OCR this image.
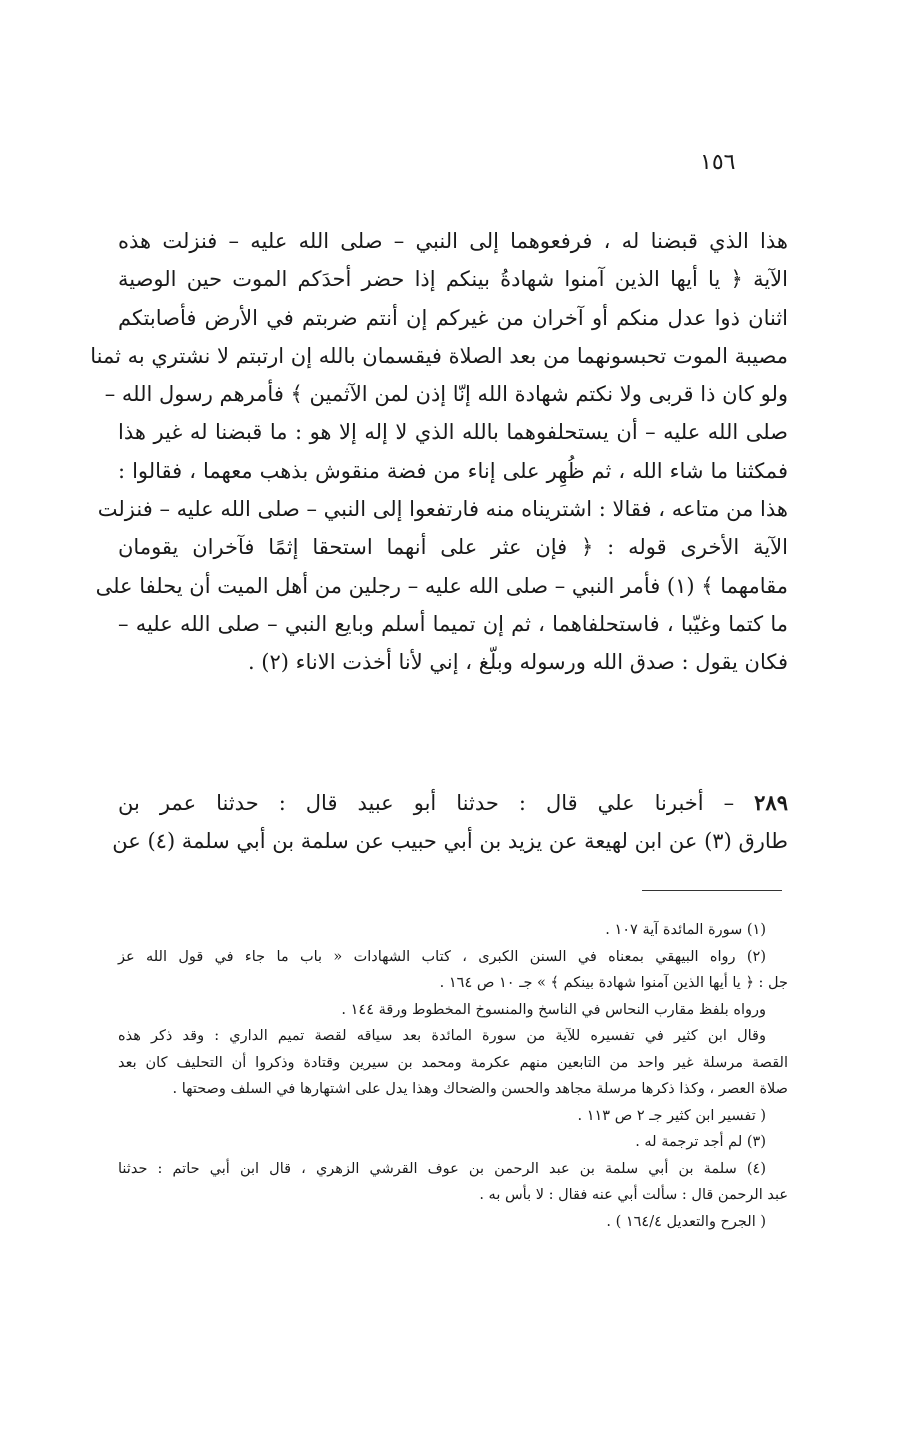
١٥٦
هذا الذي قبضنا له ، فرفعوهما إلى النبي – صلى الله عليه – فنزلت هذه
الآية ﴿ يا أيها الذين آمنوا شهادةُ بينكم إذا حضر أحدَكم الموت حين الوصية
اثنان ذوا عدل منكم أو آخران من غيركم إن أنتم ضربتم في الأرض فأصابتكم
مصيبة الموت تحبسونهما من بعد الصلاة فيقسمان بالله إن ارتبتم لا نشتري به ثمنا
ولو كان ذا قربى ولا نكتم شهادة الله إنّا إذن لمن الآثمين ﴾ فأمرهم رسول الله –
صلى الله عليه – أن يستحلفوهما بالله الذي لا إله إلا هو : ما قبضنا له غير هذا
فمكثنا ما شاء الله ، ثم ظُهِر على إناء من فضة منقوش بذهب معهما ، فقالوا :
هذا من متاعه ، فقالا : اشتريناه منه فارتفعوا إلى النبي – صلى الله عليه – فنزلت
الآية الأخرى قوله : ﴿ فإن عثر على أنهما استحقا إثمًا فآخران يقومان
مقامهما ﴾ (١) فأمر النبي – صلى الله عليه – رجلين من أهل الميت أن يحلفا على
ما كتما وغيّبا ، فاستحلفاهما ، ثم إن تميما أسلم وبايع النبي – صلى الله عليه –
فكان يقول : صدق الله ورسوله وبلّغ ، إني لأنا أخذت الاناء (٢) .
٢٨٩ – أخبرنا علي قال : حدثنا أبو عبيد قال : حدثنا عمر بن
طارق (٣) عن ابن لهيعة عن يزيد بن أبي حبيب عن سلمة بن أبي سلمة (٤) عن
(١) سورة المائدة آية ١٠٧ .
(٢) رواه البيهقي بمعناه في السنن الكبرى ، كتاب الشهادات « باب ما جاء في قول الله عز
جل : ﴿ يا أيها الذين آمنوا شهادة بينكم ﴾ » جـ ١٠ ص ١٦٤ .
ورواه بلفظ مقارب النحاس في الناسخ والمنسوخ المخطوط ورقة ١٤٤ .
وقال ابن كثير في تفسيره للآية من سورة المائدة بعد سياقه لقصة تميم الداري : وقد ذكر هذه
القصة مرسلة غير واحد من التابعين منهم عكرمة ومحمد بن سيرين وقتادة وذكروا أن التحليف كان بعد
صلاة العصر ، وكذا ذكرها مرسلة مجاهد والحسن والضحاك وهذا يدل على اشتهارها في السلف وصحتها .
( تفسير ابن كثير جـ ٢ ص ١١٣ .
(٣) لم أجد ترجمة له .
(٤) سلمة بن أبي سلمة بن عبد الرحمن بن عوف القرشي الزهري ، قال ابن أبي حاتم : حدثنا
عبد الرحمن قال : سألت أبي عنه فقال : لا بأس به .
( الجرح والتعديل ١٦٤/٤ ) .
